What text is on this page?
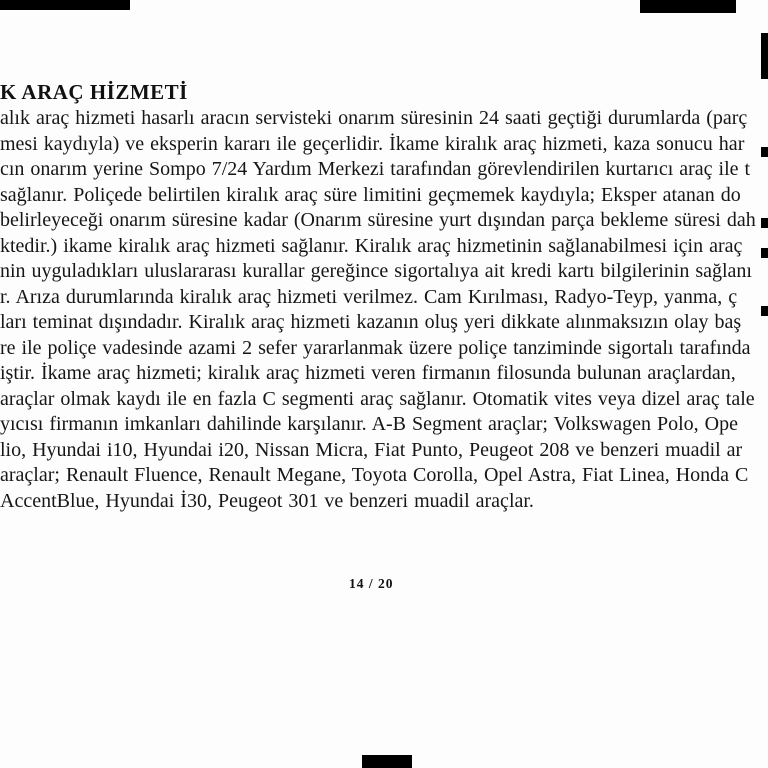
K ARAÇ HİZMETİ
alık araç hizmeti hasarlı aracın servisteki onarım süresinin 24 saati geçtiği durumlarda (parç
mesi kaydıyla) ve eksperin kararı ile geçerlidir. İkame kiralık araç hizmeti, kaza sonucu har
cın onarım yerine Sompo 7/24 Yardım Merkezi tarafından görevlendirilen kurtarıcı araç ile t
sağlanır. Poliçede belirtilen kiralık araç süre limitini geçmemek kaydıyla; Eksper atanan do
belirleyeceği onarım süresine kadar (Onarım süresine yurt dışından parça bekleme süresi dah
ktedir.) ikame kiralık araç hizmeti sağlanır. Kiralık araç hizmetinin sağlanabilmesi için araç
nin uyguladıkları uluslararası kurallar gereğince sigortalıya ait kredi kartı bilgilerinin sağlanı
r. Arıza durumlarında kiralık araç hizmeti verilmez. Cam Kırılması, Radyo-Teyp, yanma, ç
ları teminat dışındadır. Kiralık araç hizmeti kazanın oluş yeri dikkate alınmaksızın olay baş
re ile poliçe vadesinde azami 2 sefer yararlanmak üzere poliçe tanziminde sigortalı tarafında
iştir. İkame araç hizmeti; kiralık araç hizmeti veren firmanın filosunda bulunan araçlardan,
araçlar olmak kaydı ile en fazla C segmenti araç sağlanır. Otomatik vites veya dizel araç tale
yıcısı firmanın imkanları dahilinde karşılanır. A-B Segment araçlar; Volkswagen Polo, Ope
lio, Hyundai i10, Hyundai i20, Nissan Micra, Fiat Punto, Peugeot 208 ve benzeri muadil ar
araçlar; Renault Fluence, Renault Megane, Toyota Corolla, Opel Astra, Fiat Linea, Honda C
AccentBlue, Hyundai İ30, Peugeot 301 ve benzeri muadil araçlar.
14 / 20
